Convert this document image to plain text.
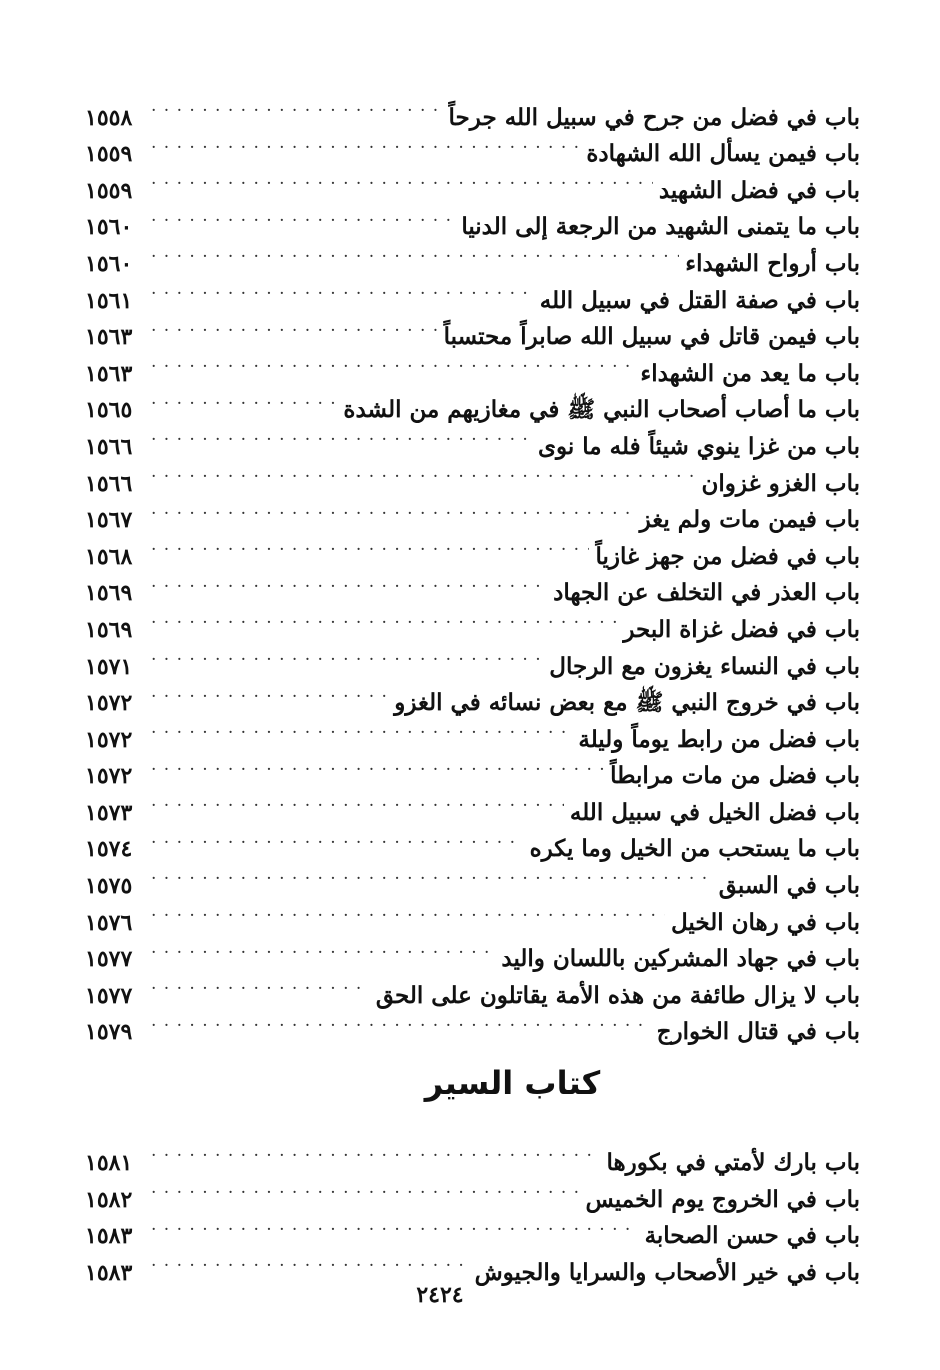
باب في فضل من جرح في سبيل الله جرحاً
. . .
١٥٥٨
باب فيمن يسأل الله الشهادة
. . .
١٥٥٩
باب في فضل الشهيد
. . .
١٥٥٩
باب ما يتمنى الشهيد من الرجعة إلى الدنيا
. . .
١٥٦٠
باب أرواح الشهداء
. . .
١٥٦٠
باب في صفة القتل في سبيل الله
. . .
١٥٦١
باب فيمن قاتل في سبيل الله صابراً محتسباً
. . .
١٥٦٣
باب ما يعد من الشهداء
. . .
١٥٦٣
باب ما أصاب أصحاب النبي ﷺ في مغازيهم من الشدة
. . .
١٥٦٥
باب من غزا ينوي شيئاً فله ما نوى
. . .
١٥٦٦
باب الغزو غزوان
. . .
١٥٦٦
باب فيمن مات ولم يغز
. . .
١٥٦٧
باب في فضل من جهز غازياً
. . .
١٥٦٨
باب العذر في التخلف عن الجهاد
. . .
١٥٦٩
باب في فضل غزاة البحر
. . .
١٥٦٩
باب في النساء يغزون مع الرجال
. . .
١٥٧١
باب في خروج النبي ﷺ مع بعض نسائه في الغزو
. . .
١٥٧٢
باب فضل من رابط يوماً وليلة
. . .
١٥٧٢
باب فضل من مات مرابطاً
. . .
١٥٧٢
باب فضل الخيل في سبيل الله
. . .
١٥٧٣
باب ما يستحب من الخيل وما يكره
. . .
١٥٧٤
باب في السبق
. . .
١٥٧٥
باب في رهان الخيل
. . .
١٥٧٦
باب في جهاد المشركين باللسان واليد
. . .
١٥٧٧
باب لا يزال طائفة من هذه الأمة يقاتلون على الحق
. . .
١٥٧٧
باب في قتال الخوارج
. . .
١٥٧٩
كتاب السير
باب بارك لأمتي في بكورها
. . .
١٥٨١
باب في الخروج يوم الخميس
. . .
١٥٨٢
باب في حسن الصحابة
. . .
١٥٨٣
باب في خير الأصحاب والسرايا والجيوش
. . .
١٥٨٣
٢٤٢٤
